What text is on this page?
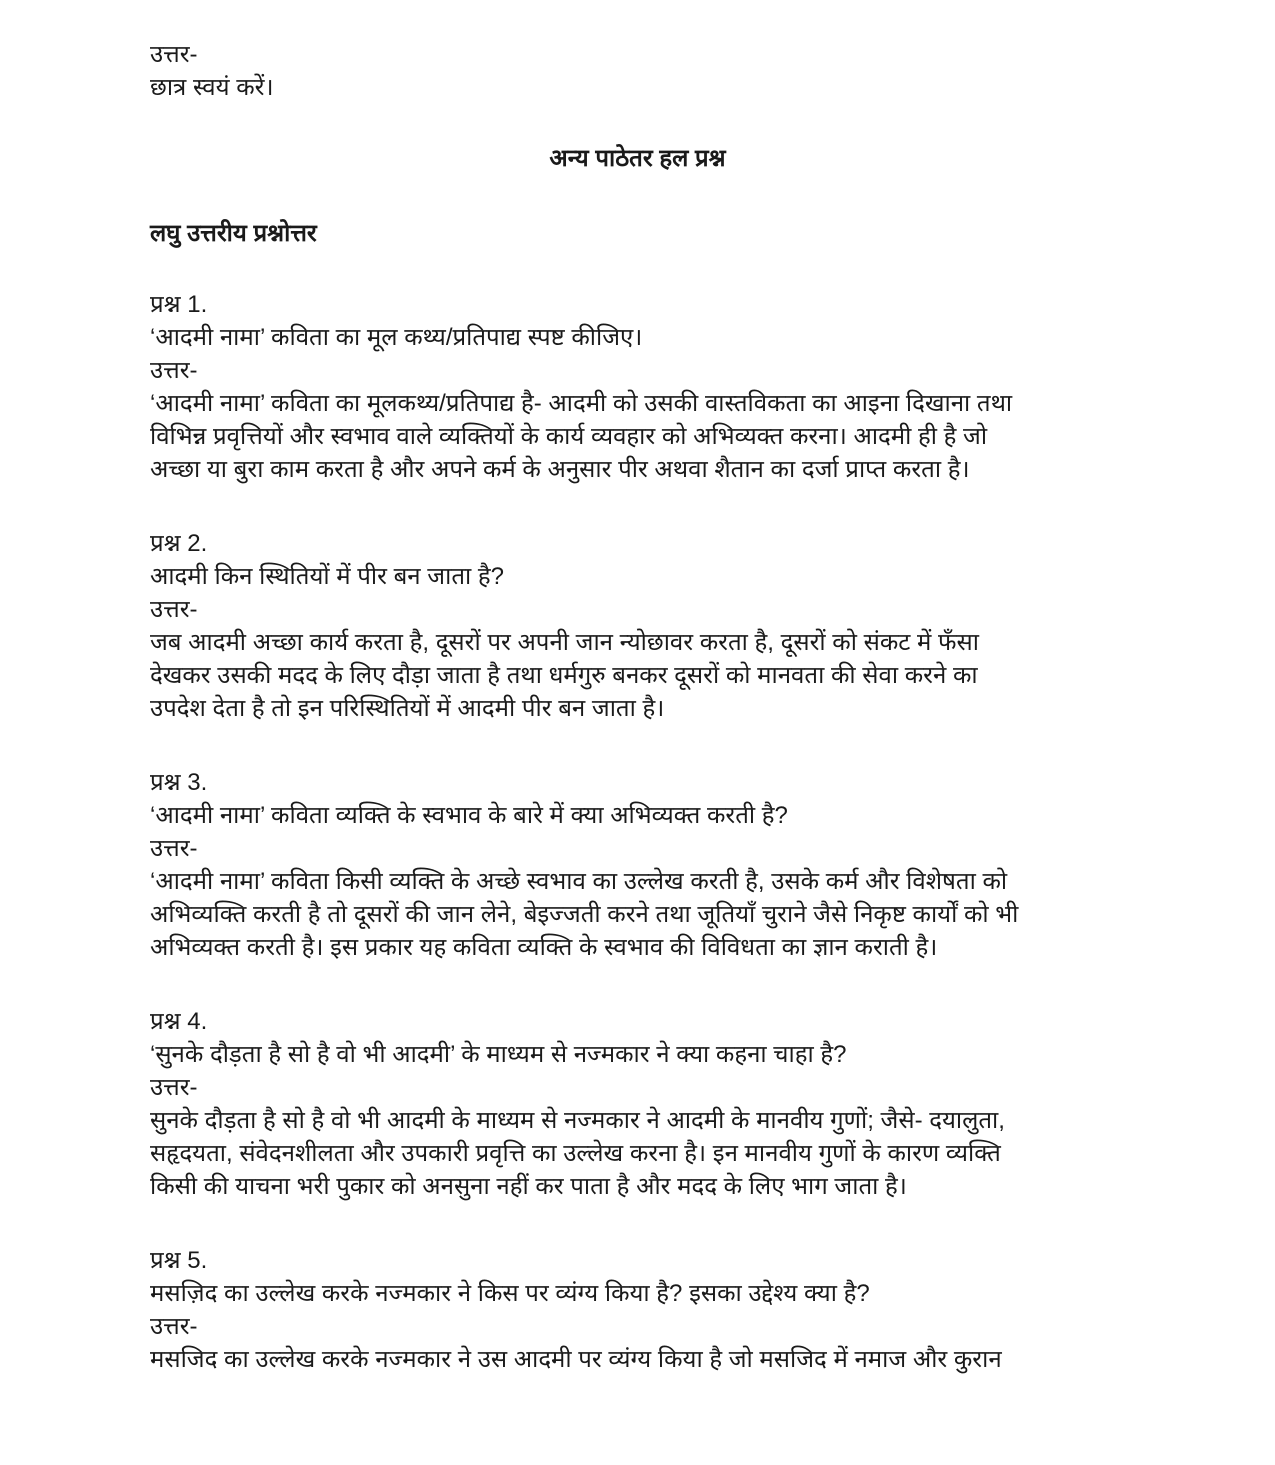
उत्तर-
छात्र स्वयं करें।
अन्य पाठेतर हल प्रश्न
लघु उत्तरीय प्रश्नोत्तर
प्रश्न 1.
‘आदमी नामा’ कविता का मूल कथ्य/प्रतिपाद्य स्पष्ट कीजिए।
उत्तर-
‘आदमी नामा’ कविता का मूलकथ्य/प्रतिपाद्य है- आदमी को उसकी वास्तविकता का आइना दिखाना तथा
विभिन्न प्रवृत्तियों और स्वभाव वाले व्यक्तियों के कार्य व्यवहार को अभिव्यक्त करना। आदमी ही है जो
अच्छा या बुरा काम करता है और अपने कर्म के अनुसार पीर अथवा शैतान का दर्जा प्राप्त करता है।
प्रश्न 2.
आदमी किन स्थितियों में पीर बन जाता है?
उत्तर-
जब आदमी अच्छा कार्य करता है, दूसरों पर अपनी जान न्योछावर करता है, दूसरों को संकट में फँसा
देखकर उसकी मदद के लिए दौड़ा जाता है तथा धर्मगुरु बनकर दूसरों को मानवता की सेवा करने का
उपदेश देता है तो इन परिस्थितियों में आदमी पीर बन जाता है।
प्रश्न 3.
‘आदमी नामा’ कविता व्यक्ति के स्वभाव के बारे में क्या अभिव्यक्त करती है?
उत्तर-
‘आदमी नामा’ कविता किसी व्यक्ति के अच्छे स्वभाव का उल्लेख करती है, उसके कर्म और विशेषता को
अभिव्यक्ति करती है तो दूसरों की जान लेने, बेइज्जती करने तथा जूतियाँ चुराने जैसे निकृष्ट कार्यों को भी
अभिव्यक्त करती है। इस प्रकार यह कविता व्यक्ति के स्वभाव की विविधता का ज्ञान कराती है।
प्रश्न 4.
‘सुनके दौड़ता है सो है वो भी आदमी’ के माध्यम से नज्मकार ने क्या कहना चाहा है?
उत्तर-
सुनके दौड़ता है सो है वो भी आदमी के माध्यम से नज्मकार ने आदमी के मानवीय गुणों; जैसे- दयालुता,
सहृदयता, संवेदनशीलता और उपकारी प्रवृत्ति का उल्लेख करना है। इन मानवीय गुणों के कारण व्यक्ति
किसी की याचना भरी पुकार को अनसुना नहीं कर पाता है और मदद के लिए भाग जाता है।
प्रश्न 5.
मसज़िद का उल्लेख करके नज्मकार ने किस पर व्यंग्य किया है? इसका उद्देश्य क्या है?
उत्तर-
मसजिद का उल्लेख करके नज्मकार ने उस आदमी पर व्यंग्य किया है जो मसजिद में नमाज और कुरान
